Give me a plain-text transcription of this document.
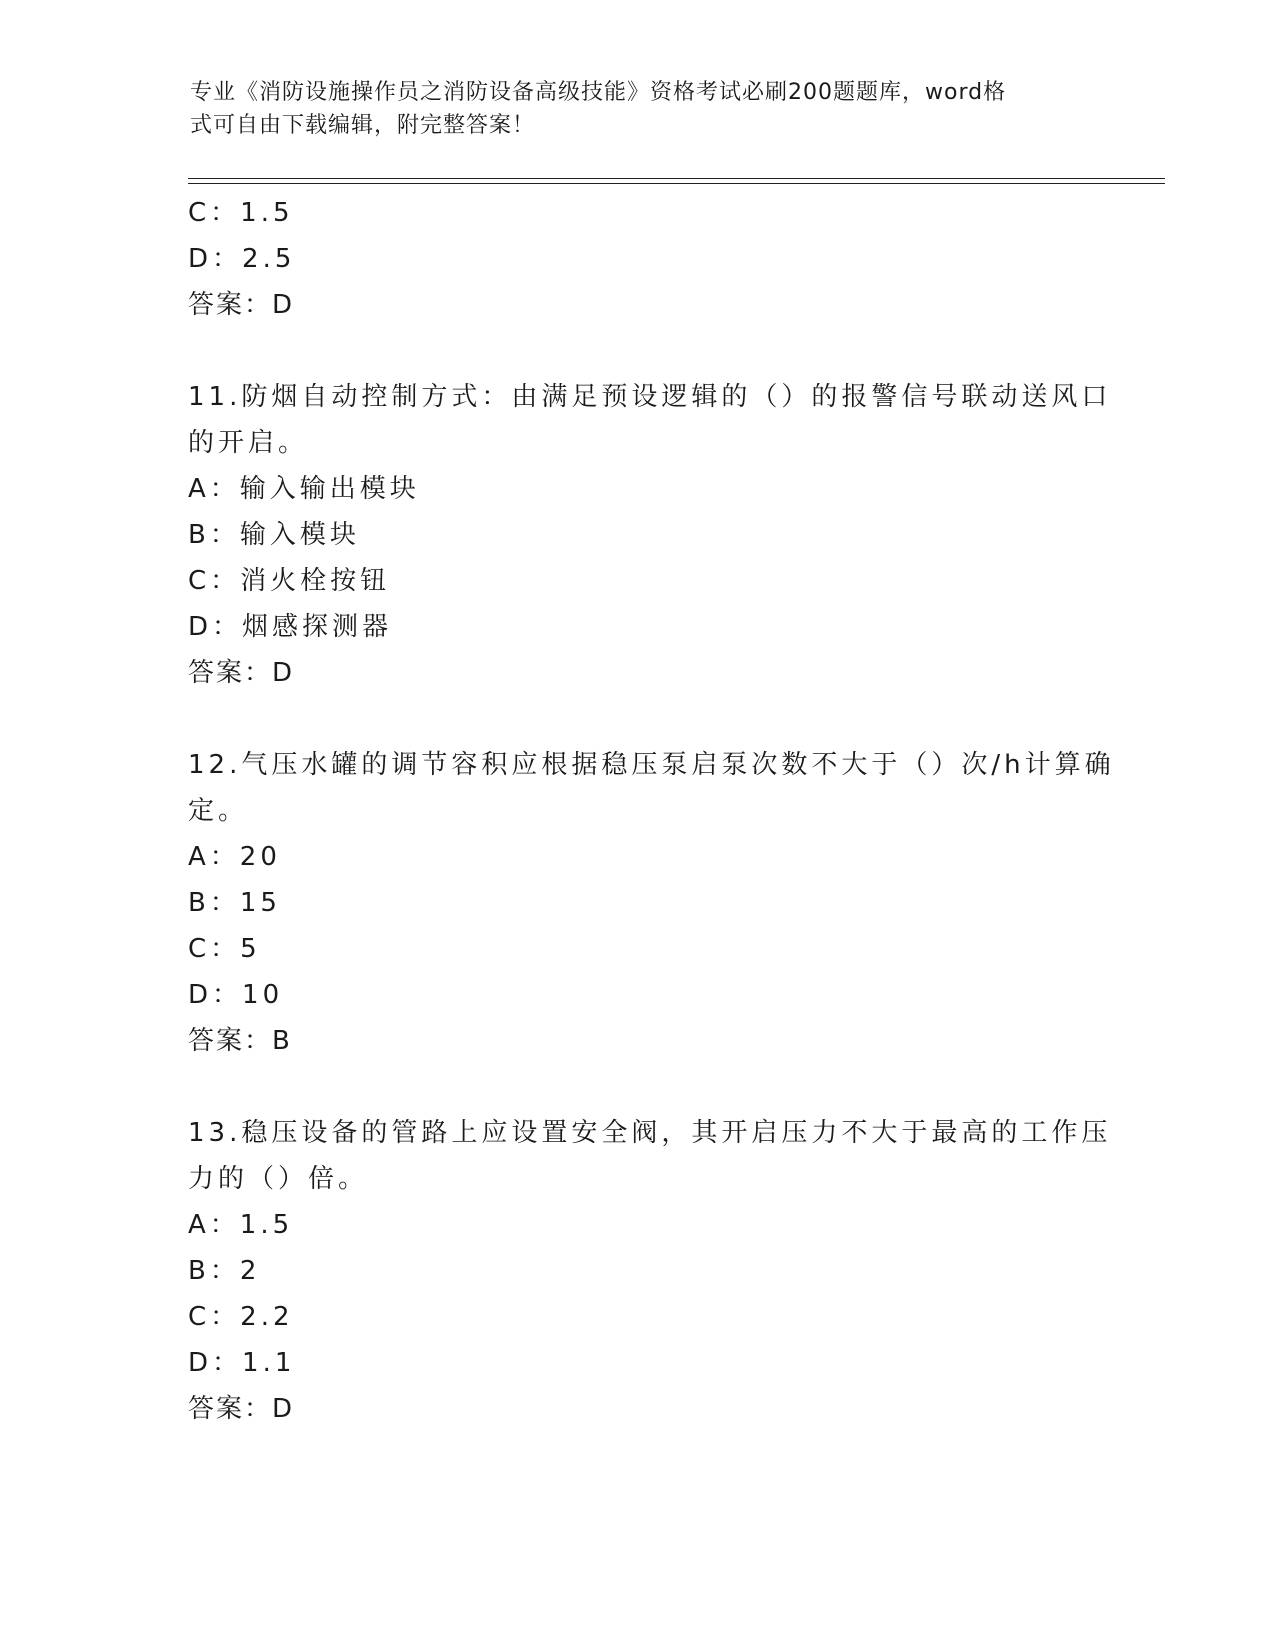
专业《消防设施操作员之消防设备高级技能》资格考试必刷200题题库，word格
式可自由下载编辑，附完整答案！
C：1.5
D：2.5
答案：D
11.防烟自动控制方式：由满足预设逻辑的（）的报警信号联动送风口
的开启。
A：输入输出模块
B：输入模块
C：消火栓按钮
D：烟感探测器
答案：D
12.气压水罐的调节容积应根据稳压泵启泵次数不大于（）次/h计算确
定。
A：20
B：15
C：5
D：10
答案：B
13.稳压设备的管路上应设置安全阀，其开启压力不大于最高的工作压
力的（）倍。
A：1.5
B：2
C：2.2
D：1.1
答案：D
